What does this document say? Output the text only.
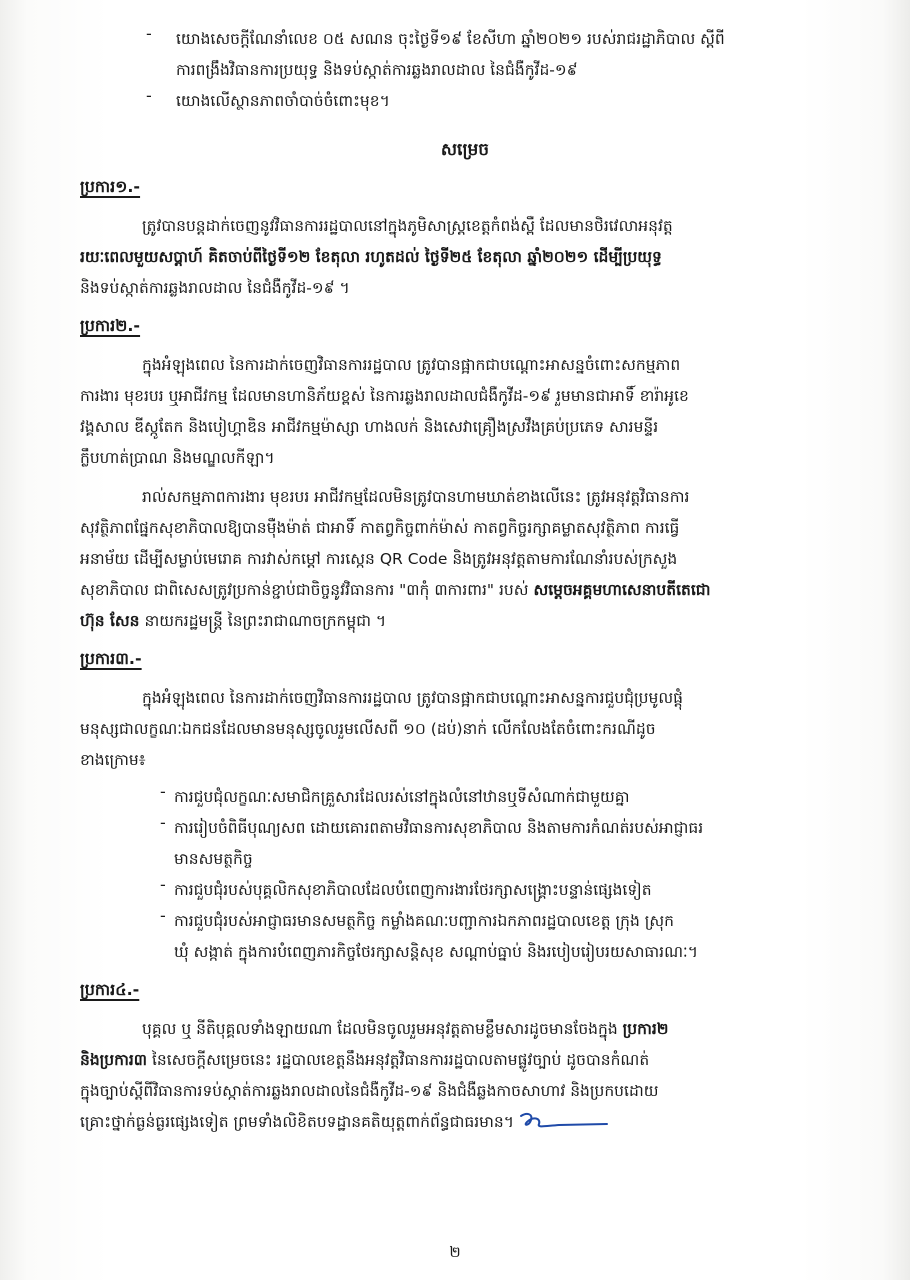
- យោងសេចក្ដីណែនាំលេខ ០៥ សណន ចុះថ្ងៃទី១៩ ខែសីហា ឆ្នាំ២០២១ របស់រាជរដ្ឋាភិបាល ស្ដីពី
ការពង្រឹងវិធានការប្រយុទ្ធ និងទប់ស្កាត់ការឆ្លងរាលដាល នៃជំងឺកូវីដ-១៩
- យោងលើស្ថានភាពចាំបាច់ចំពោះមុខ។
សម្រេច
ប្រការ១.-
ត្រូវបានបន្តដាក់ចេញនូវវិធានការរដ្ឋបាលនៅក្នុងភូមិសាស្ត្រខេត្តកំពង់ស្ពឺ ដែលមានថិរវេលាអនុវត្ត
រយៈពេលមួយសប្ដាហ៍ គិតចាប់ពីថ្ងៃទី១២ ខែតុលា រហូតដល់ ថ្ងៃទី២៥ ខែតុលា ឆ្នាំ២០២១ ដើម្បីប្រយុទ្ធ
និងទប់ស្កាត់ការឆ្លងរាលដាល នៃជំងឺកូវីដ-១៩ ។
ប្រការ២.-
ក្នុងអំឡុងពេល នៃការដាក់ចេញវិធានការរដ្ឋបាល ត្រូវបានផ្អាកជាបណ្ដោះអាសន្នចំពោះសកម្មភាព
ការងារ មុខរបរ ឬអាជីវកម្ម ដែលមានហានិភ័យខ្ពស់ នៃការឆ្លងរាលដាលជំងឺកូវីដ-១៩ រួមមានជាអាទិ៍ ខារ៉ាអូខេ
វង្គសាល ឌីស្កូតែក និងបៀហ្គាឌិន អាជីវកម្មម៉ាស្សា ហាងលក់ និងសេវាគ្រឿងស្រវឹងគ្រប់ប្រភេទ សារមន្ទីរ
ក្លឹបហាត់ប្រាណ និងមណ្ឌលកីឡា។
រាល់សកម្មភាពការងារ មុខរបរ អាជីវកម្មដែលមិនត្រូវបានហាមឃាត់ខាងលើនេះ ត្រូវអនុវត្តវិធានការ
សុវត្ថិភាពផ្នែកសុខាភិបាលឱ្យបានម៉ឺងម៉ាត់ ជាអាទិ៍ កាតព្វកិច្ចពាក់ម៉ាស់ កាតព្វកិច្ចរក្សាគម្លាតសុវត្ថិភាព ការធ្វើ
អនាម័យ ដើម្បីសម្លាប់មេរោគ ការវាស់កម្ដៅ ការស្កេន QR Code និងត្រូវអនុវត្តតាមការណែនាំរបស់ក្រសួង
សុខាភិបាល ជាពិសេសត្រូវប្រកាន់ខ្ជាប់ជាចិច្ចនូវវិធានការ "៣កុំ ៣ការពារ" របស់ សម្ដេចអគ្គមហាសេនាបតីតេជោ
ហ៊ុន សែន នាយករដ្ឋមន្ត្រី នៃព្រះរាជាណាចក្រកម្ពុជា ។
ប្រការ៣.-
ក្នុងអំឡុងពេល នៃការដាក់ចេញវិធានការរដ្ឋបាល ត្រូវបានផ្អាកជាបណ្ដោះអាសន្នការជួបជុំប្រមូលផ្ដុំ
មនុស្សជាលក្ខណៈឯកជនដែលមានមនុស្សចូលរួមលើសពី ១០ (ដប់)នាក់ លើកលែងតែចំពោះករណីដូច
ខាងក្រោម៖
- ការជួបជុំលក្ខណៈសមាជិកគ្រួសារដែលរស់នៅក្នុងលំនៅឋានឬទីសំណាក់ជាមួយគ្នា
- ការរៀបចំពិធីបុណ្យសព ដោយគោរពតាមវិធានការសុខាភិបាល និងតាមការកំណត់របស់អាជ្ញាធរ
មានសមត្ថកិច្ច
- ការជួបជុំរបស់បុគ្គលិកសុខាភិបាលដែលបំពេញការងារថែរក្សាសង្គ្រោះបន្ទាន់ផ្សេងទៀត
- ការជួបជុំរបស់អាជ្ញាធរមានសមត្ថកិច្ច កម្លាំងគណៈបញ្ជាការឯកភាពរដ្ឋបាលខេត្ត ក្រុង ស្រុក
ឃុំ សង្កាត់ ក្នុងការបំពេញភារកិច្ចថែរក្សាសន្តិសុខ សណ្ដាប់ធ្នាប់ និងរបៀបរៀបរយសាធារណៈ។
ប្រការ៤.-
បុគ្គល ឬ នីតិបុគ្គលទាំងឡាយណា ដែលមិនចូលរួមអនុវត្តតាមខ្លឹមសារដូចមានចែងក្នុង ប្រការ២
និងប្រការ៣ នៃសេចក្ដីសម្រេចនេះ រដ្ឋបាលខេត្តនឹងអនុវត្តវិធានការរដ្ឋបាលតាមផ្លូវច្បាប់ ដូចបានកំណត់
ក្នុងច្បាប់ស្ដីពីវិធានការទប់ស្កាត់ការឆ្លងរាលដាលនៃជំងឺកូវីដ-១៩ និងជំងឺឆ្លងកាចសាហាវ និងប្រកបដោយ
គ្រោះថ្នាក់ធ្ងន់ធ្ងរផ្សេងទៀត ព្រមទាំងលិខិតបទដ្ឋានគតិយុត្តពាក់ព័ន្ធជាធរមាន។
២
